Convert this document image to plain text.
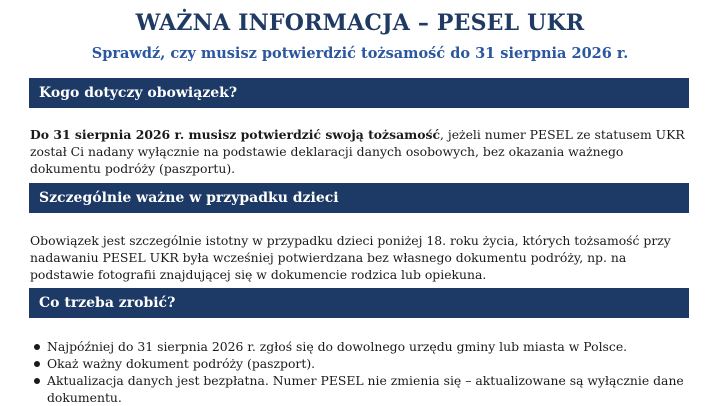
WAŻNA INFORMACJA – PESEL UKR
Sprawdź, czy musisz potwierdzić tożsamość do 31 sierpnia 2026 r.
Kogo dotyczy obowiązek?
Do 31 sierpnia 2026 r. musisz potwierdzić swoją tożsamość, jeżeli numer PESEL ze statusem UKR został Ci nadany wyłącznie na podstawie deklaracji danych osobowych, bez okazania ważnego dokumentu podróży (paszportu).
Szczególnie ważne w przypadku dzieci
Obowiązek jest szczególnie istotny w przypadku dzieci poniżej 18. roku życia, których tożsamość przy nadawaniu PESEL UKR była wcześniej potwierdzana bez własnego dokumentu podróży, np. na podstawie fotografii znajdującej się w dokumencie rodzica lub opiekuna.
Co trzeba zrobić?
Najpóźniej do 31 sierpnia 2026 r. zgłoś się do dowolnego urzędu gminy lub miasta w Polsce.
Okaż ważny dokument podróży (paszport).
Aktualizacja danych jest bezpłatna. Numer PESEL nie zmienia się – aktualizowane są wyłącznie dane dokumentu.
